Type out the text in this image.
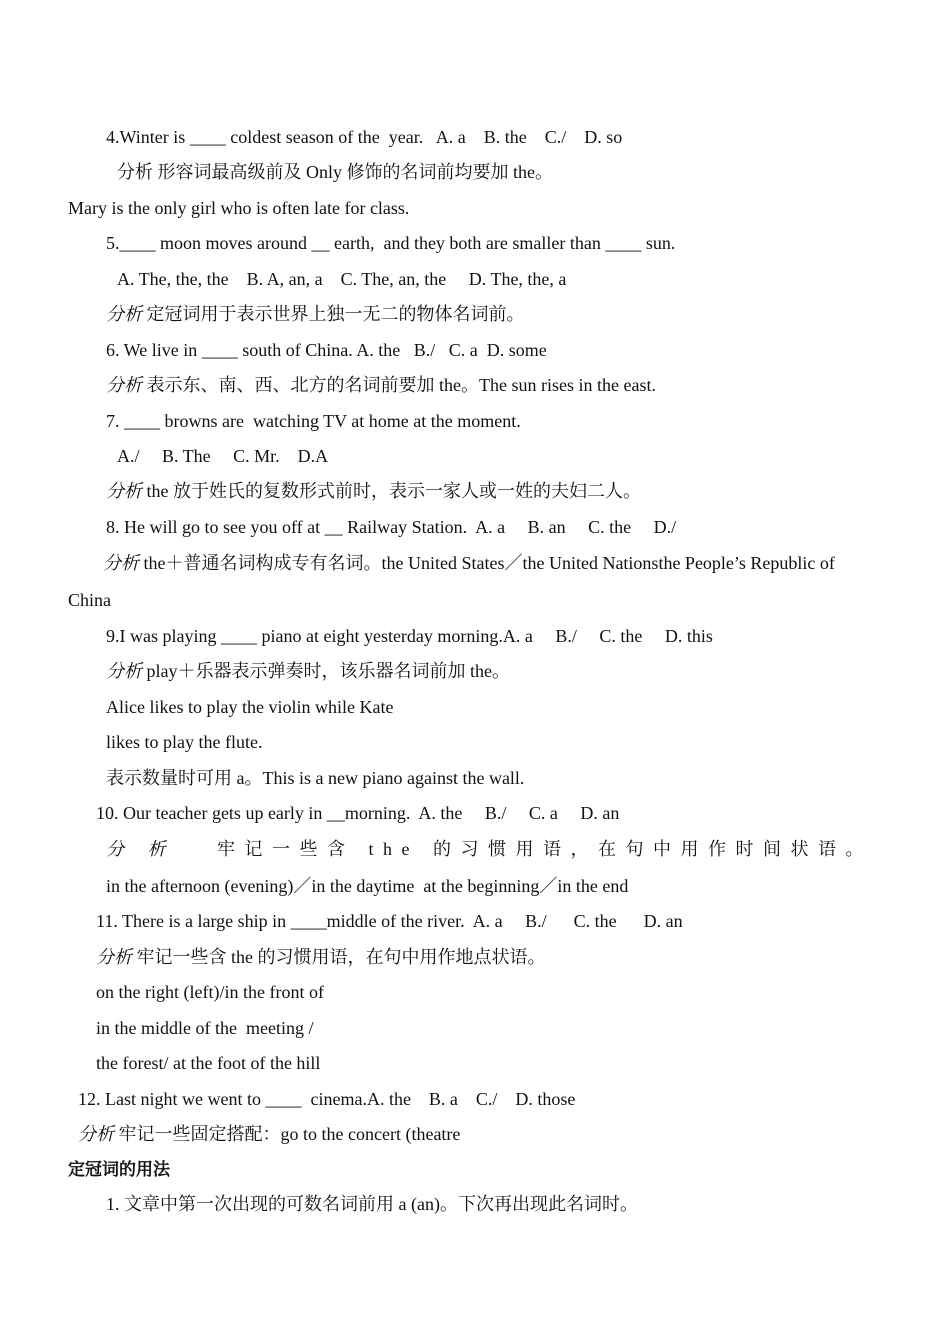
4.Winter is ____ coldest season of the  year.   A. a    B. the    C./    D. so
分析 形容词最高级前及 Only 修饰的名词前均要加 the。
Mary is the only girl who is often late for class.
5.____ moon moves around __ earth,  and they both are smaller than ____ sun.
A. The, the, the    B. A, an, a    C. The, an, the     D. The, the, a
分析 定冠词用于表示世界上独一无二的物体名词前。
6. We live in ____ south of China. A. the   B./   C. a  D. some
分析 表示东、南、西、北方的名词前要加 the。The sun rises in the east.
7. ____ browns are  watching TV at home at the moment.
A./     B. The     C. Mr.    D.A
分析 the 放于姓氏的复数形式前时，表示一家人或一姓的夫妇二人。
8. He will go to see you off at __ Railway Station.  A. a     B. an     C. the     D./
分析 the＋普通名词构成专有名词。the United States／the United Nationsthe People’s Republic of
China
9.I was playing ____ piano at eight yesterday morning.A. a     B./     C. the     D. this
分析 play＋乐器表示弹奏时，该乐器名词前加 the。
Alice likes to play the violin while Kate
likes to play the flute.
表示数量时可用 a。This is a new piano against the wall.
10. Our teacher gets up early in __morning.  A. the     B./     C. a     D. an
分 析 牢记一些含 the 的习惯用语，在句中用作时间状语。
in the afternoon (evening)／in the daytime  at the beginning／in the end
11. There is a large ship in ____middle of the river.  A. a     B./      C. the      D. an
分析 牢记一些含 the 的习惯用语，在句中用作地点状语。
on the right (left)/in the front of
in the middle of the  meeting /
the forest/ at the foot of the hill
12. Last night we went to ____  cinema.A. the    B. a    C./    D. those
分析 牢记一些固定搭配：go to the concert (theatre
定冠词的用法
1. 文章中第一次出现的可数名词前用 a (an)。下次再出现此名词时。
